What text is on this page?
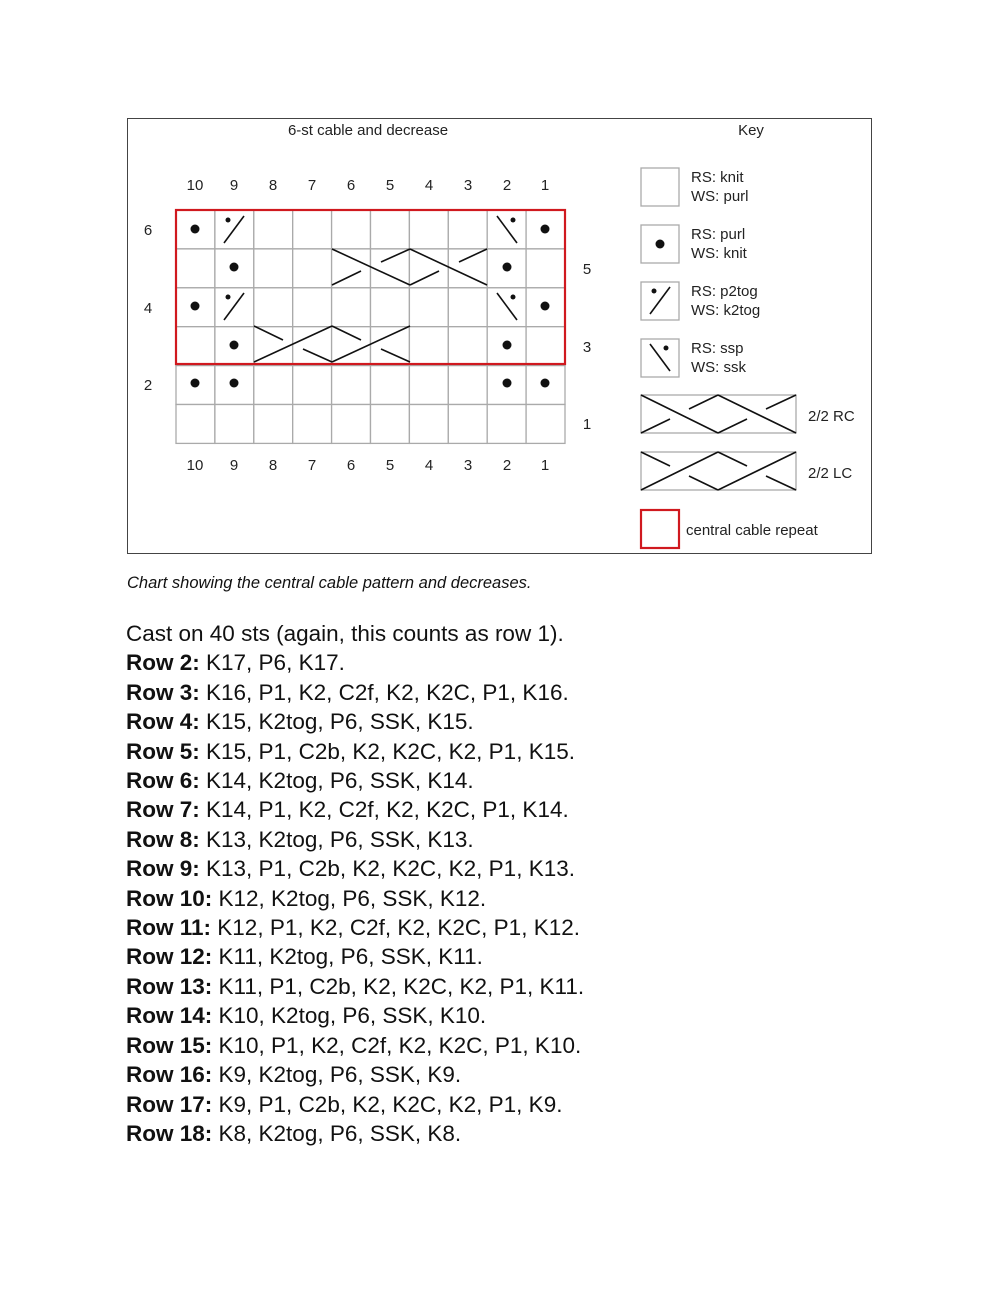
6-st cable and decrease	Key
10 9 8 7 6 5 4 3 2 1
10 9 8 7 6 5 4 3 2 1
6
4
2
5
3
1
RS: knit
WS: purl
RS: purl
WS: knit
RS: p2tog
WS: k2tog
RS: ssp
WS: ssk
2/2 RC
2/2 LC
central cable repeat
Chart showing the central cable pattern and decreases.

Cast on 40 sts (again, this counts as row 1).

Row 2: K17, P6, K17.

Row 3: K16, P1, K2, C2f, K2, K2C, P1, K16.

Row 4: K15, K2tog, P6, SSK, K15.

Row 5: K15, P1, C2b, K2, K2C, K2, P1, K15.

Row 6: K14, K2tog, P6, SSK, K14.

Row 7: K14, P1, K2, C2f, K2, K2C, P1, K14.

Row 8: K13, K2tog, P6, SSK, K13.

Row 9: K13, P1, C2b, K2, K2C, K2, P1, K13.

Row 10: K12, K2tog, P6, SSK, K12.

Row 11: K12, P1, K2, C2f, K2, K2C, P1, K12.

Row 12: K11, K2tog, P6, SSK, K11.

Row 13: K11, P1, C2b, K2, K2C, K2, P1, K11.

Row 14: K10, K2tog, P6, SSK, K10.

Row 15: K10, P1, K2, C2f, K2, K2C, P1, K10.

Row 16: K9, K2tog, P6, SSK, K9.

Row 17: K9, P1, C2b, K2, K2C, K2, P1, K9.

Row 18: K8, K2tog, P6, SSK, K8.
